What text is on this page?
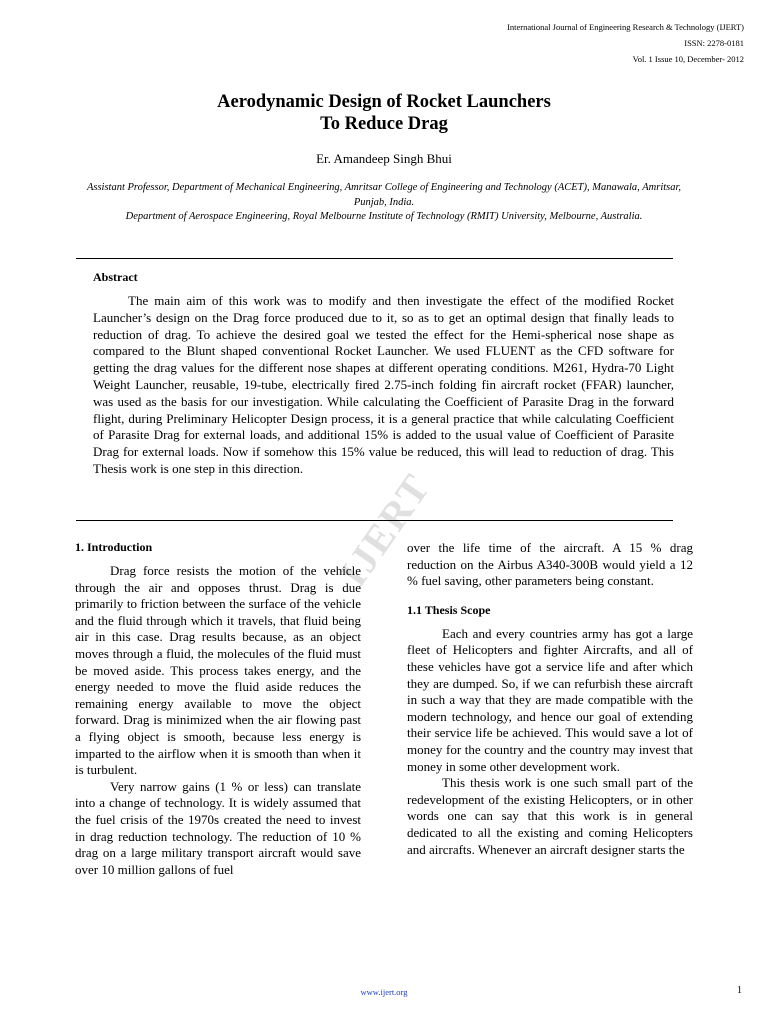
International Journal of Engineering Research & Technology (IJERT)
ISSN: 2278-0181
Vol. 1 Issue 10, December- 2012
Aerodynamic Design of Rocket Launchers
To Reduce Drag
Er. Amandeep Singh Bhui
Assistant Professor, Department of Mechanical Engineering, Amritsar College of Engineering and Technology (ACET), Manawala, Amritsar, Punjab, India.
Department of Aerospace Engineering, Royal Melbourne Institute of Technology (RMIT) University, Melbourne, Australia.
Abstract

The main aim of this work was to modify and then investigate the effect of the modified Rocket Launcher’s design on the Drag force produced due to it, so as to get an optimal design that finally leads to reduction of drag. To achieve the desired goal we tested the effect for the Hemi-spherical nose shape as compared to the Blunt shaped conventional Rocket Launcher. We used FLUENT as the CFD software for getting the drag values for the different nose shapes at different operating conditions. M261, Hydra-70 Light Weight Launcher, reusable, 19-tube, electrically fired 2.75-inch folding fin aircraft rocket (FFAR) launcher, was used as the basis for our investigation. While calculating the Coefficient of Parasite Drag in the forward flight, during Preliminary Helicopter Design process, it is a general practice that while calculating Coefficient of Parasite Drag for external loads, and additional 15% is added to the usual value of Coefficient of Parasite Drag for external loads. Now if somehow this 15% value be reduced, this will lead to reduction of drag. This Thesis work is one step in this direction. IJERT
1. Introduction

Drag force resists the motion of the vehicle through the air and opposes thrust. Drag is due primarily to friction between the surface of the vehicle and the fluid through which it travels, that fluid being air in this case. Drag results because, as an object moves through a fluid, the molecules of the fluid must be moved aside. This process takes energy, and the energy needed to move the fluid aside reduces the remaining energy available to move the object forward. Drag is minimized when the air flowing past a flying object is smooth, because less energy is imparted to the airflow when it is smooth than when it is turbulent.

Very narrow gains (1 % or less) can translate into a change of technology. It is widely assumed that the fuel crisis of the 1970s created the need to invest in drag reduction technology. The reduction of 10 % drag on a large military transport aircraft would save over 10 million gallons of fuel

over the life time of the aircraft. A 15 % drag reduction on the Airbus A340-300B would yield a 12 % fuel saving, other parameters being constant.

1.1 Thesis Scope

Each and every countries army has got a large fleet of Helicopters and fighter Aircrafts, and all of these vehicles have got a service life and after which they are dumped. So, if we can refurbish these aircraft in such a way that they are made compatible with the modern technology, and hence our goal of extending their service life be achieved. This would save a lot of money for the country and the country may invest that money in some other development work.

This thesis work is one such small part of the redevelopment of the existing Helicopters, or in other words one can say that this work is in general dedicated to all the existing and coming Helicopters and aircrafts. Whenever an aircraft designer starts the

www.ijert.org	1
